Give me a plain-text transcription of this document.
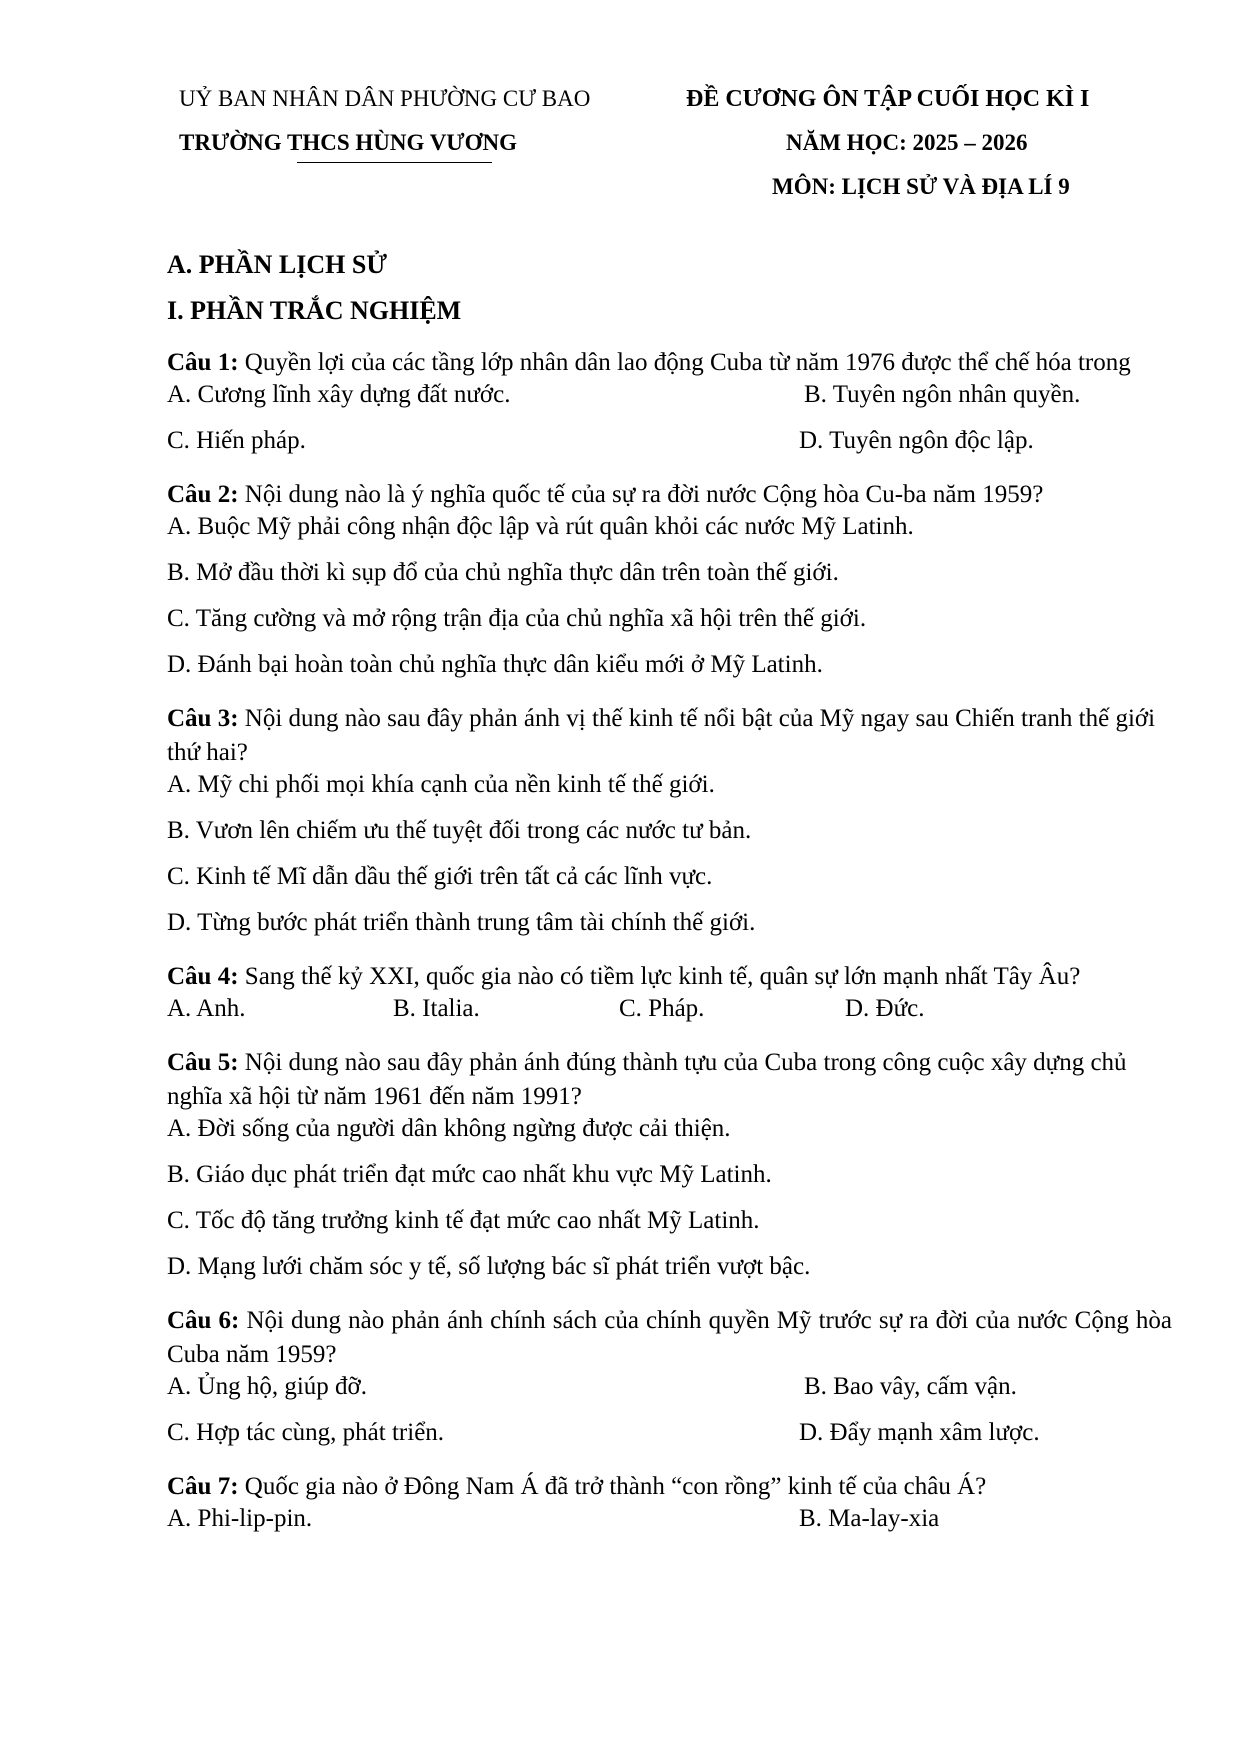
UỶ BAN NHÂN DÂN PHƯỜNG CƯ BAO
TRƯỜNG THCS HÙNG VƯƠNG
ĐỀ CƯƠNG ÔN TẬP CUỐI HỌC KÌ I
NĂM HỌC: 2025 – 2026
MÔN: LỊCH SỬ VÀ ĐỊA LÍ 9
A. PHẦN LỊCH SỬ
I. PHẦN TRẮC NGHIỆM

Câu 1: Quyền lợi của các tầng lớp nhân dân lao động Cuba từ năm 1976 được thể chế hóa trong

A. Cương lĩnh xây dựng đất nước.	B. Tuyên ngôn nhân quyền.
C. Hiến pháp.	D. Tuyên ngôn độc lập.

Câu 2: Nội dung nào là ý nghĩa quốc tế của sự ra đời nước Cộng hòa Cu-ba năm 1959?

A. Buộc Mỹ phải công nhận độc lập và rút quân khỏi các nước Mỹ Latinh.
B. Mở đầu thời kì sụp đổ của chủ nghĩa thực dân trên toàn thế giới.
C. Tăng cường và mở rộng trận địa của chủ nghĩa xã hội trên thế giới.
D. Đánh bại hoàn toàn chủ nghĩa thực dân kiểu mới ở Mỹ Latinh.

Câu 3: Nội dung nào sau đây phản ánh vị thế kinh tế nổi bật của Mỹ ngay sau Chiến tranh thế giới thứ hai?

A. Mỹ chi phối mọi khía cạnh của nền kinh tế thế giới.
B. Vươn lên chiếm ưu thế tuyệt đối trong các nước tư bản.
C. Kinh tế Mĩ dẫn dầu thế giới trên tất cả các lĩnh vực.
D. Từng bước phát triển thành trung tâm tài chính thế giới.

Câu 4: Sang thế kỷ XXI, quốc gia nào có tiềm lực kinh tế, quân sự lớn mạnh nhất Tây Âu?

A. Anh.	B. Italia.	C. Pháp.	D. Đức.

Câu 5: Nội dung nào sau đây phản ánh đúng thành tựu của Cuba trong công cuộc xây dựng chủ nghĩa xã hội từ năm 1961 đến năm 1991?

A. Đời sống của người dân không ngừng được cải thiện.
B. Giáo dục phát triển đạt mức cao nhất khu vực Mỹ Latinh.
C. Tốc độ tăng trưởng kinh tế đạt mức cao nhất Mỹ Latinh.
D. Mạng lưới chăm sóc y tế, số lượng bác sĩ phát triển vượt bậc.

Câu 6: Nội dung nào phản ánh chính sách của chính quyền Mỹ trước sự ra đời của nước Cộng hòa Cuba năm 1959?

A. Ủng hộ, giúp đỡ.	B. Bao vây, cấm vận.
C. Hợp tác cùng, phát triển.	D. Đẩy mạnh xâm lược.

Câu 7: Quốc gia nào ở Đông Nam Á đã trở thành “con rồng” kinh tế của châu Á?

A. Phi-lip-pin.	B. Ma-lay-xia
